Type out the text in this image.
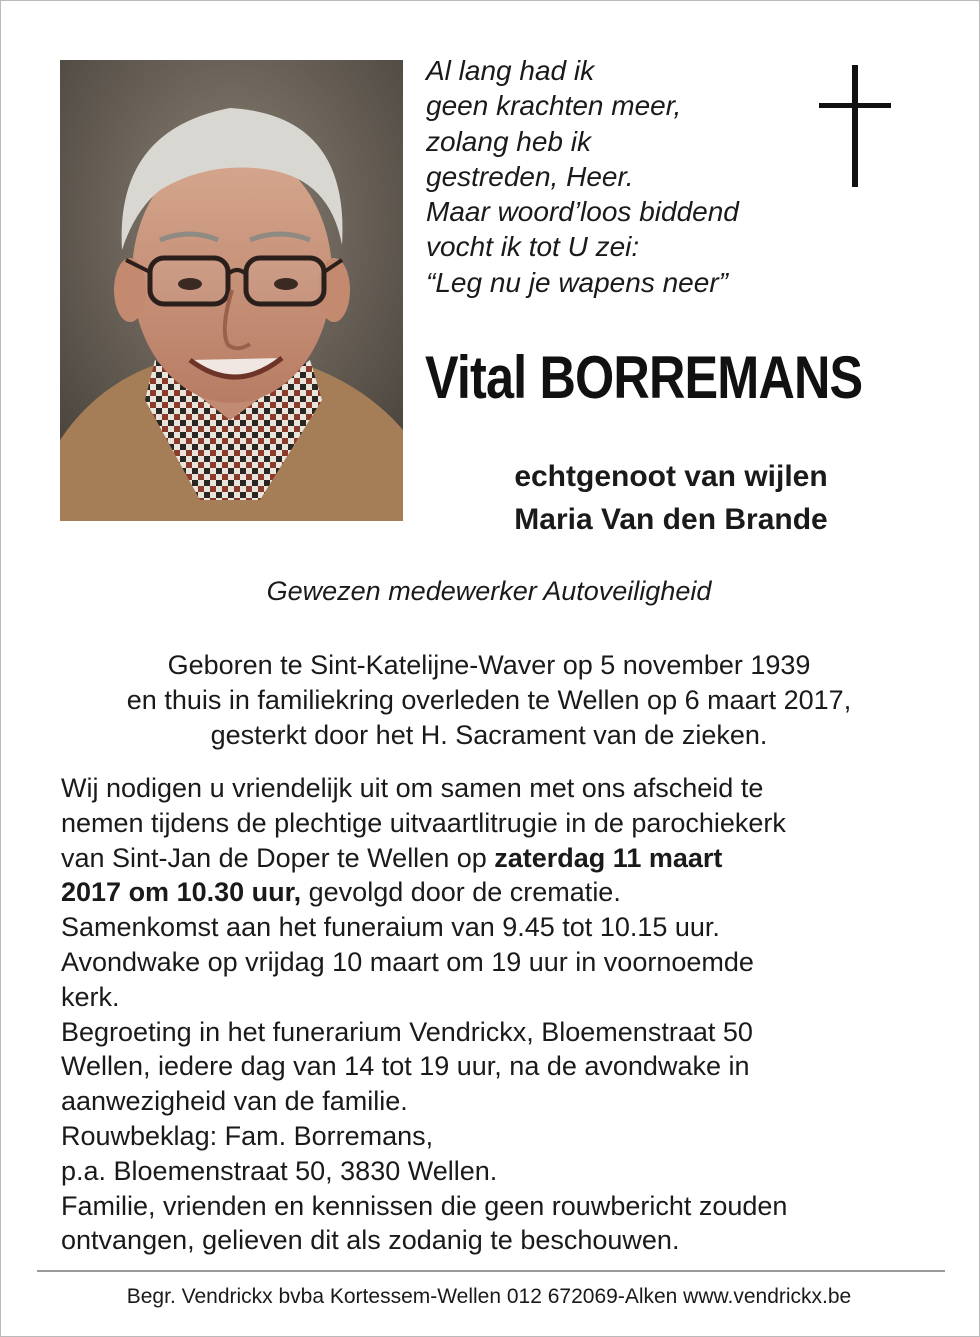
Al lang had ik
geen krachten meer,
zolang heb ik
gestreden, Heer.
Maar woord’loos biddend
vocht ik tot U zei:
“Leg nu je wapens neer”
Vital BORREMANS
echtgenoot van wijlen
Maria Van den Brande
Gewezen medewerker Autoveiligheid
Geboren te Sint-Katelijne-Waver op 5 november 1939
en thuis in familiekring overleden te Wellen op 6 maart 2017,
gesterkt door het H. Sacrament van de zieken.
Wij nodigen u vriendelijk uit om samen met ons afscheid te
nemen tijdens de plechtige uitvaartlitrugie in de parochiekerk
van Sint-Jan de Doper te Wellen op zaterdag 11 maart
2017 om 10.30 uur, gevolgd door de crematie.
Samenkomst aan het funeraium van 9.45 tot 10.15 uur.
Avondwake op vrijdag 10 maart om 19 uur in voornoemde
kerk.
Begroeting in het funerarium Vendrickx, Bloemenstraat 50
Wellen, iedere dag van 14 tot 19 uur, na de avondwake in
aanwezigheid van de familie.
Rouwbeklag: Fam. Borremans,
p.a. Bloemenstraat 50, 3830 Wellen.
Familie, vrienden en kennissen die geen rouwbericht zouden
ontvangen, gelieven dit als zodanig te beschouwen.
Begr. Vendrickx bvba Kortessem-Wellen 012 672069-Alken www.vendrickx.be
